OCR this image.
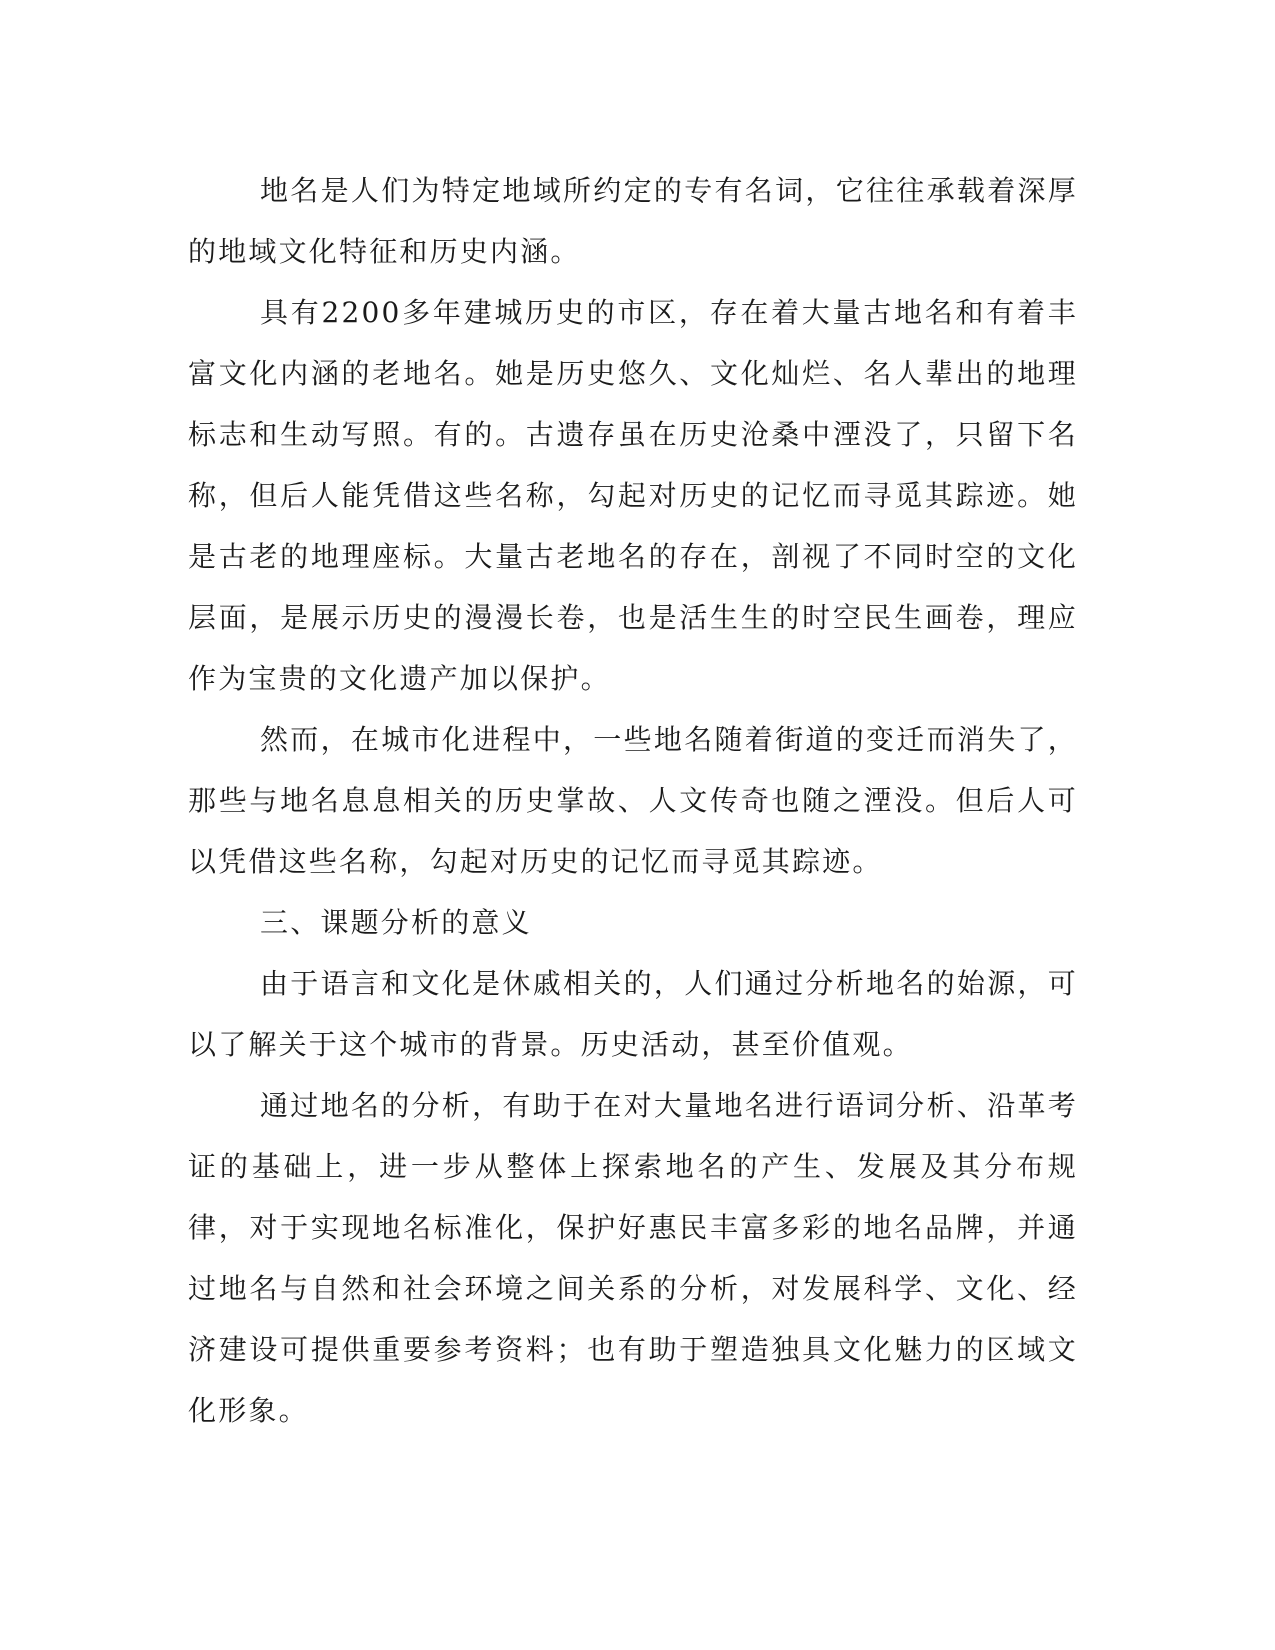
地名是人们为特定地域所约定的专有名词，它往往承载着深厚的地域文化特征和历史内涵。

具有2200多年建城历史的市区，存在着大量古地名和有着丰富文化内涵的老地名。她是历史悠久、文化灿烂、名人辈出的地理标志和生动写照。有的。古遗存虽在历史沧桑中湮没了，只留下名称，但后人能凭借这些名称，勾起对历史的记忆而寻觅其踪迹。她是古老的地理座标。大量古老地名的存在，剖视了不同时空的文化层面，是展示历史的漫漫长卷，也是活生生的时空民生画卷，理应作为宝贵的文化遗产加以保护。

然而，在城市化进程中，一些地名随着街道的变迁而消失了，那些与地名息息相关的历史掌故、人文传奇也随之湮没。但后人可以凭借这些名称，勾起对历史的记忆而寻觅其踪迹。

三、课题分析的意义

由于语言和文化是休戚相关的，人们通过分析地名的始源，可以了解关于这个城市的背景。历史活动，甚至价值观。

通过地名的分析，有助于在对大量地名进行语词分析、沿革考证的基础上，进一步从整体上探索地名的产生、发展及其分布规律，对于实现地名标准化，保护好惠民丰富多彩的地名品牌，并通过地名与自然和社会环境之间关系的分析，对发展科学、文化、经济建设可提供重要参考资料；也有助于塑造独具文化魅力的区域文化形象。
